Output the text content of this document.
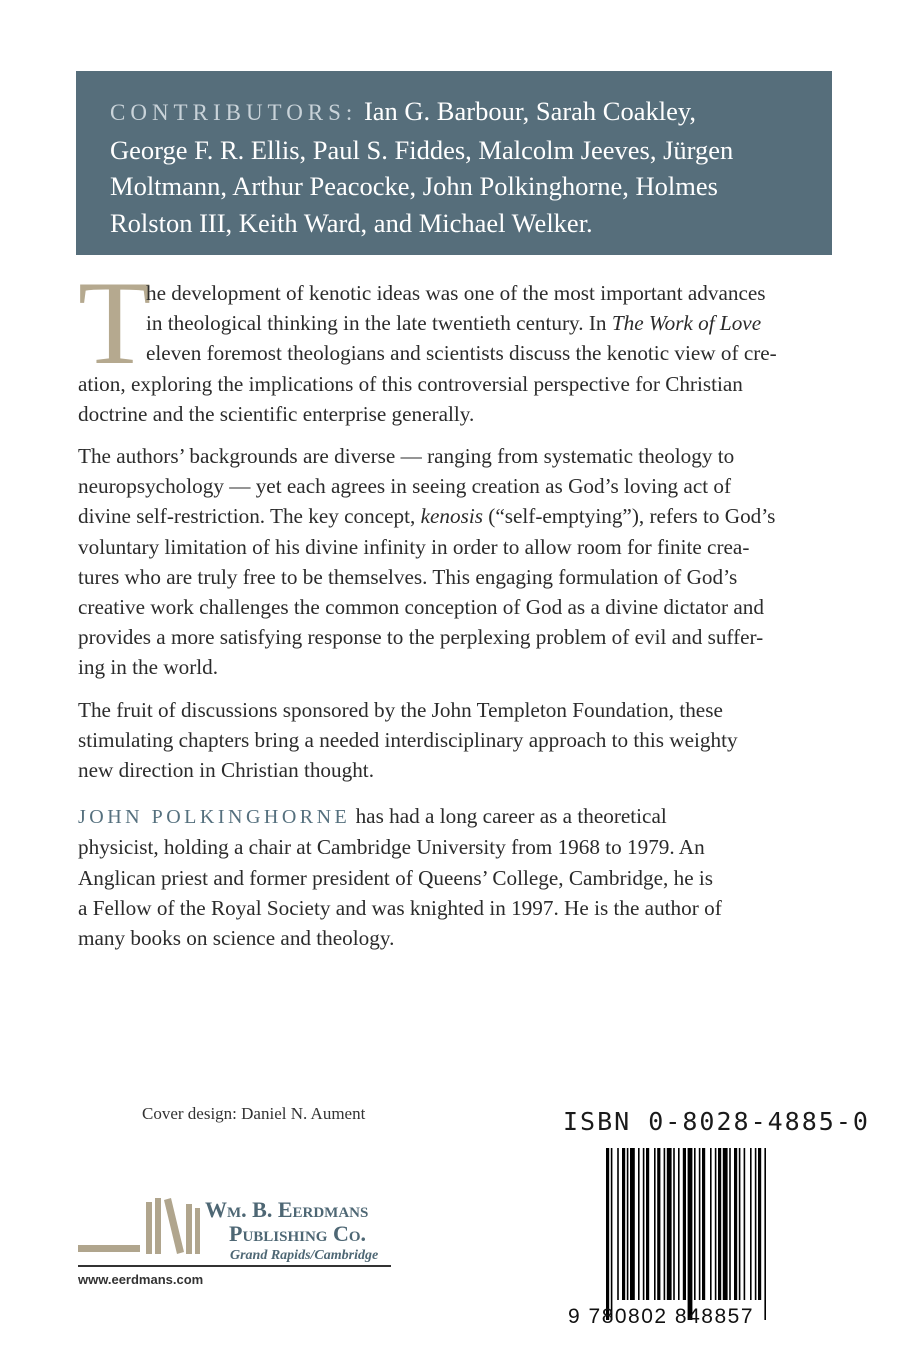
CONTRIBUTORS: Ian G. Barbour, Sarah Coakley,
George F. R. Ellis, Paul S. Fiddes, Malcolm Jeeves, Jürgen
Moltmann, Arthur Peacocke, John Polkinghorne, Holmes
Rolston III, Keith Ward, and Michael Welker.
T
he development of kenotic ideas was one of the most important advances
in theological thinking in the late twentieth century. In The Work of Love
eleven foremost theologians and scientists discuss the kenotic view of cre-
ation, exploring the implications of this controversial perspective for Christian
doctrine and the scientific enterprise generally.
The authors’ backgrounds are diverse — ranging from systematic theology to
neuropsychology — yet each agrees in seeing creation as God’s loving act of
divine self-restriction. The key concept, kenosis (“self-emptying”), refers to God’s
voluntary limitation of his divine infinity in order to allow room for finite crea-
tures who are truly free to be themselves. This engaging formulation of God’s
creative work challenges the common conception of God as a divine dictator and
provides a more satisfying response to the perplexing problem of evil and suffer-
ing in the world.
The fruit of discussions sponsored by the John Templeton Foundation, these
stimulating chapters bring a needed interdisciplinary approach to this weighty
new direction in Christian thought.
JOHN POLKINGHORNE has had a long career as a theoretical
physicist, holding a chair at Cambridge University from 1968 to 1979. An
Anglican priest and former president of Queens’ College, Cambridge, he is
a Fellow of the Royal Society and was knighted in 1997. He is the author of
many books on science and theology.
Cover design: Daniel N. Aument
Wm. B. Eerdmans
Publishing Co.
Grand Rapids/Cambridge
www.eerdmans.com
ISBN 0-8028-4885-0
9 780802 848857
